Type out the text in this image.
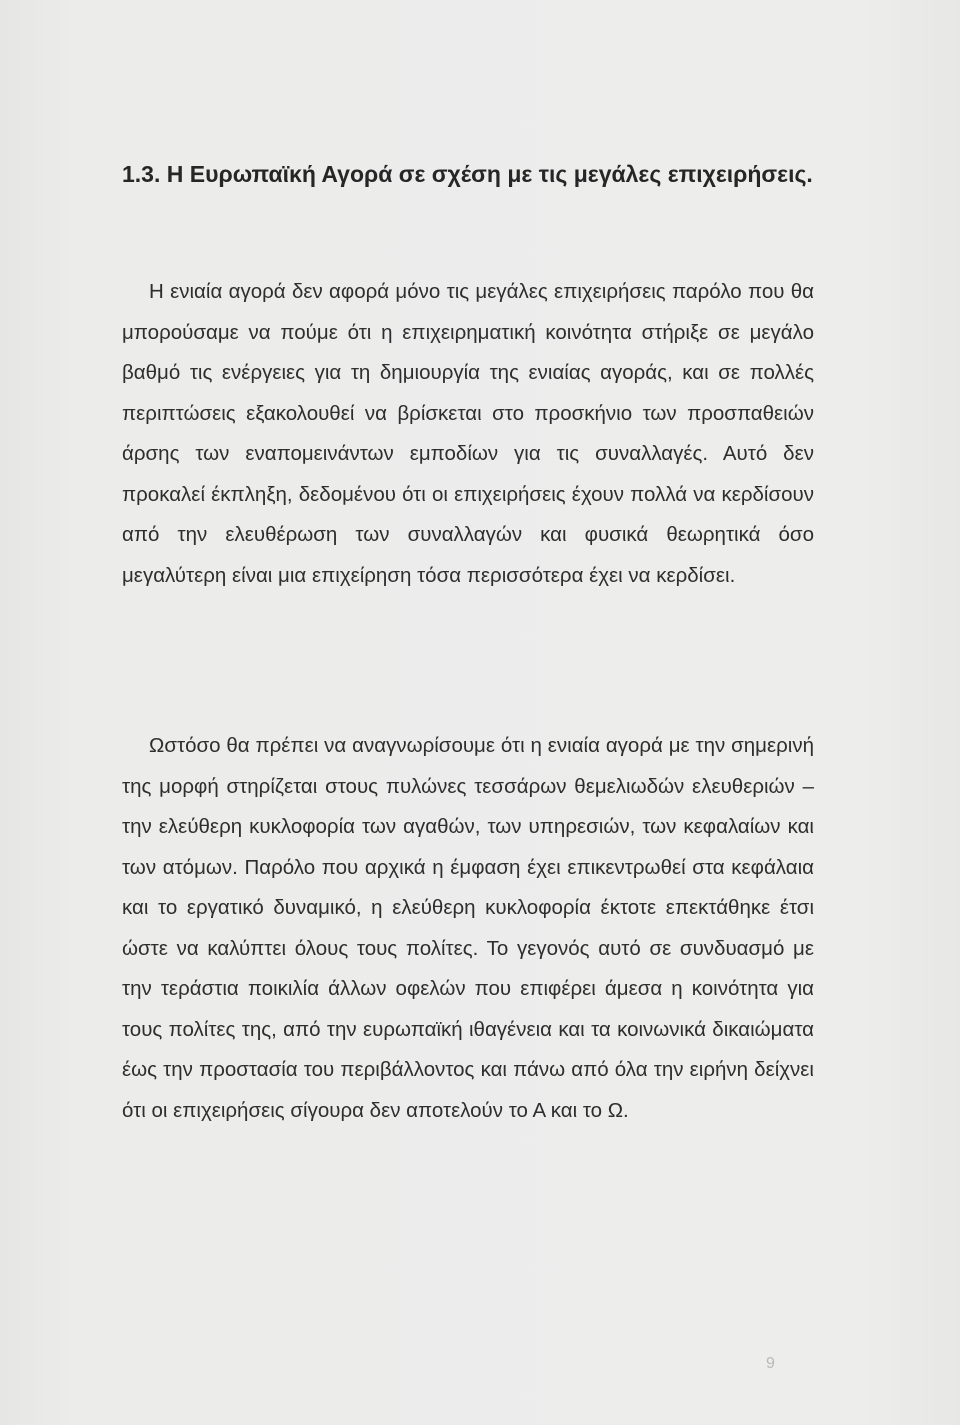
1.3. Η Ευρωπαϊκή Αγορά σε σχέση με τις μεγάλες επιχειρήσεις.

Η ενιαία αγορά δεν αφορά μόνο τις μεγάλες επιχειρήσεις παρόλο που θα μπορούσαμε να πούμε ότι η επιχειρηματική κοινότητα στήριξε σε μεγάλο βαθμό τις ενέργειες για τη δημιουργία της ενιαίας αγοράς, και σε πολλές περιπτώσεις εξακολουθεί να βρίσκεται στο προσκήνιο των προσπαθειών άρσης των εναπομεινάντων εμποδίων για τις συναλλαγές. Αυτό δεν προκαλεί έκπληξη, δεδομένου ότι οι επιχειρήσεις έχουν πολλά να κερδίσουν από την ελευθέρωση των συναλλαγών και φυσικά θεωρητικά όσο μεγαλύτερη είναι μια επιχείρηση τόσα περισσότερα έχει να κερδίσει.

Ωστόσο θα πρέπει να αναγνωρίσουμε ότι η ενιαία αγορά με την σημερινή της μορφή στηρίζεται στους πυλώνες τεσσάρων θεμελιωδών ελευθεριών – την ελεύθερη κυκλοφορία των αγαθών, των υπηρεσιών, των κεφαλαίων και των ατόμων. Παρόλο που αρχικά η έμφαση έχει επικεντρωθεί στα κεφάλαια και το εργατικό δυναμικό, η ελεύθερη κυκλοφορία έκτοτε επεκτάθηκε έτσι ώστε να καλύπτει όλους τους πολίτες. Το γεγονός αυτό σε συνδυασμό με την τεράστια ποικιλία άλλων οφελών που επιφέρει άμεσα η κοινότητα για τους πολίτες της, από την ευρωπαϊκή ιθαγένεια και τα κοινωνικά δικαιώματα έως την προστασία του περιβάλλοντος και πάνω από όλα την ειρήνη δείχνει ότι οι επιχειρήσεις σίγουρα δεν αποτελούν το Α και το Ω.

9
